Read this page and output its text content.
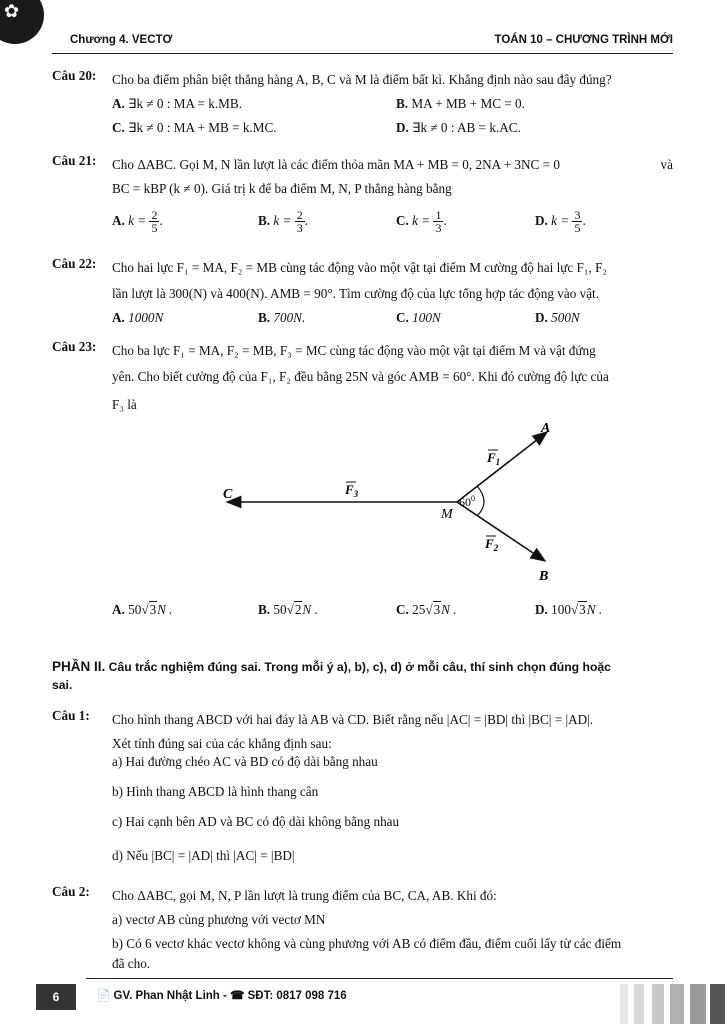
✿
Chương 4. VECTƠ	TOÁN 10 – CHƯƠNG TRÌNH MỚI
Câu 20: Cho ba điểm phân biệt thẳng hàng A, B, C và M là điểm bất kì. Khẳng định nào sau đây đúng?
A. ∃k ≠ 0 : MA = k.MB.	B. MA + MB + MC = 0.
C. ∃k ≠ 0 : MA + MB = k.MC.	D. ∃k ≠ 0 : AB = k.AC.
Câu 21: Cho ΔABC. Gọi M, N lần lượt là các điểm thỏa mãn MA + MB = 0, 2NA + 3NC = 0	và
BC = kBP (k ≠ 0). Giá trị k để ba điểm M, N, P thẳng hàng bằng
A. $k = \frac{2}{5}$ .	B. $k = \frac{2}{3}$ .	C. $k = \frac{1}{3}$ .	D. $k = \frac{3}{5}$ .
Câu 22: Cho hai lực F₁ = MA, F₂ = MB cùng tác động vào một vật tại điểm M cường độ hai lực F₁, F₂
lần lượt là 300(N) và 400(N). AMB = 90°. Tìm cường độ của lực tổng hợp tác động vào vật.
A. 1000N	B. 700N.	C. 100N	D. 500N
Câu 23: Cho ba lực F₁ = MA, F₂ = MB, F₃ = MC cùng tác động vào một vật tại điểm M và vật đứng
yên. Cho biết cường độ của F₁, F₂ đều bằng 25N và góc AMB = 60°. Khi đó cường độ lực của
F₃ là
A
B
C
M
$F_1$
$F_2$
$F_3$
$60^0$
A. 50√3N .	B. 50√2N .	C. 25√3N .	D. 100√3N .
PHẦN II. Câu trắc nghiệm đúng sai. Trong mỗi ý a), b), c), d) ở mỗi câu, thí sinh chọn đúng hoặc
sai.
Câu 1: Cho hình thang ABCD với hai đáy là AB và CD. Biết rằng nếu |AC| = |BD| thì |BC| = |AD|.
Xét tính đúng sai của các khẳng định sau:
a) Hai đường chéo AC và BD có độ dài bằng nhau
b) Hình thang ABCD là hình thang cân
c) Hai cạnh bên AD và BC có độ dài không bằng nhau
d) Nếu |BC| = |AD| thì |AC| = |BD|
Câu 2: Cho ΔABC, gọi M, N, P lần lượt là trung điểm của BC, CA, AB. Khi đó:
a) vectơ AB cùng phương với vectơ MN
b) Có 6 vectơ khác vectơ không và cùng phương với AB có điểm đầu, điểm cuối lấy từ các điểm
đã cho.
6	📄 GV. Phan Nhật Linh - ☎ SĐT: 0817 098 716
